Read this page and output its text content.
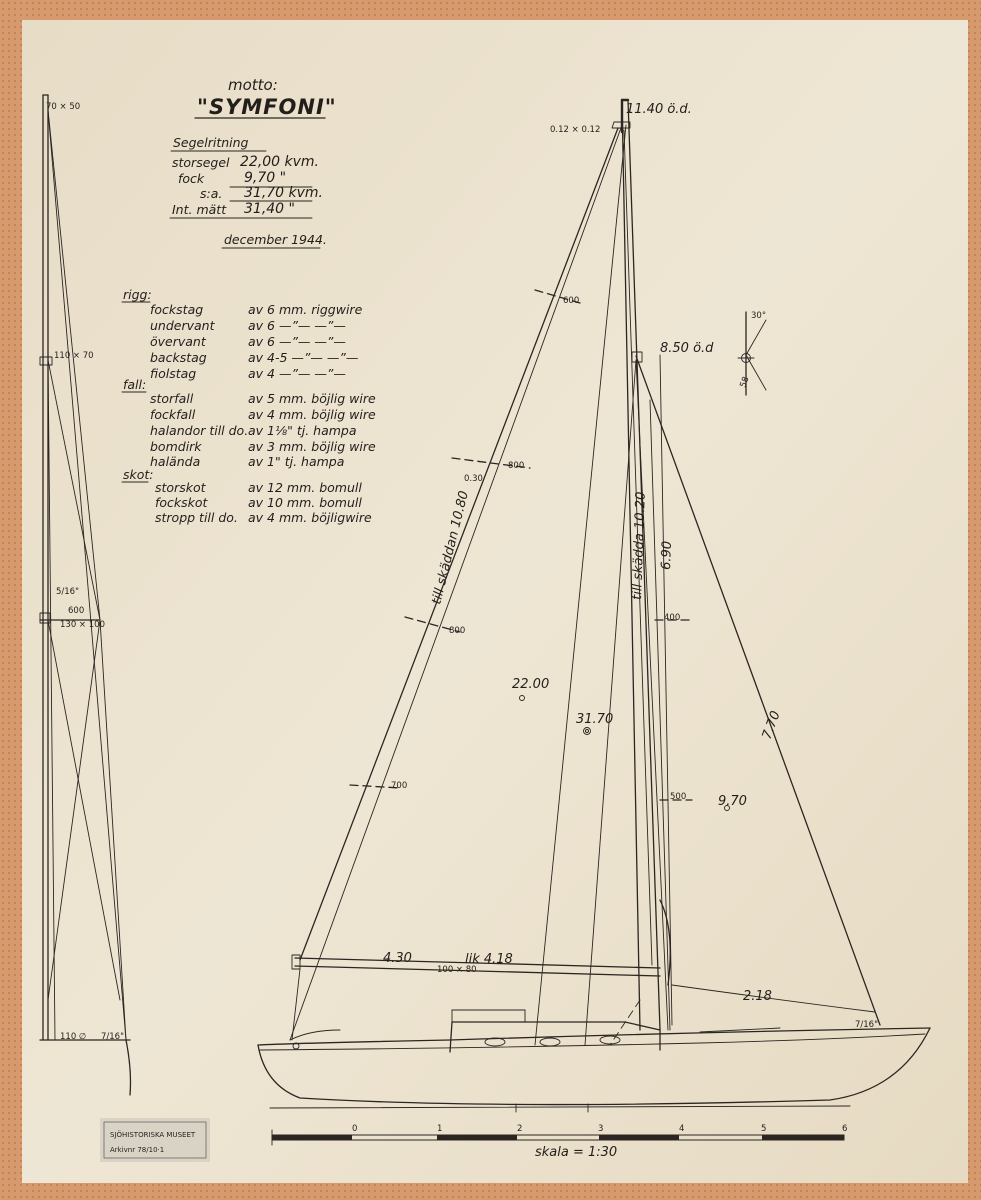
motto:
"SYMFONI"
Segelritning
storsegel 22,00 kvm.
fock	9,70 "
s:a. 31,70 kvm.
Int. mätt 31,40 "
december 1944.
rigg:
fockstag	av 6 mm. riggwire
undervant	av 6 —”— —”—
övervant	av 6 —”— —”—
backstag	av 4-5 —”— —”—
fiolstag	av 4 —”— —”—
fall:
storfall	av 5 mm. böjlig wire
fockfall	av 4 mm. böjlig wire
halandor till do. av 1⅛" tj. hampa
bomdirk	av 3 mm. böjlig wire
halända	av 1" tj. hampa
skot:
storskot	av 12 mm. bomull
fockskot	av 10 mm. bomull
stropp till do. av 4 mm. böjligwire
70 × 50
110 × 70
5/16"
600
130 × 100
110 ∅ 7/16"
30°
58
11.40 ö.d.
0.12 × 0.12
8.50 ö.d
till skäddan 10.80	till skädda 10.20 6.90
7.70
22.00
31.70
9.70
4.30	lik 4.18
100 × 80
2.18
7/16"
600
800
0.30
800
700
400
500
0	1	2	3	4	5	6
skala = 1:30
SJÖHISTORISKA MUSEET
Arkivnr 78/10·1
